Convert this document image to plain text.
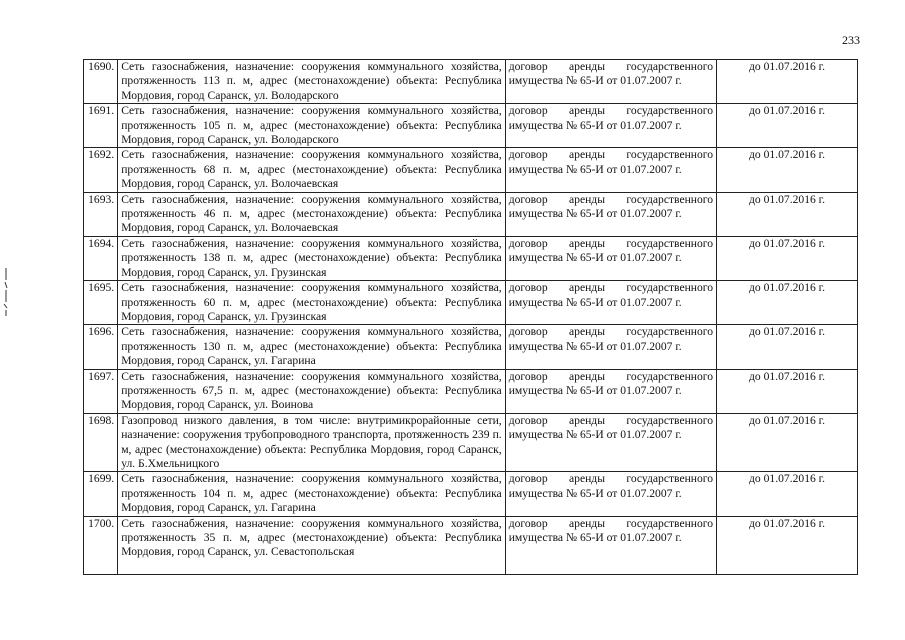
233
1690.	Сеть газоснабжения, назначение: сооружения коммунального хозяйства, протяженность 113 п. м, адрес (местонахождение) объекта: Республика Мордовия, город Саранск, ул. Володарского	договор аренды государственного имущества № 65-И от 01.07.2007 г.	до 01.07.2016 г.
1691.	Сеть газоснабжения, назначение: сооружения коммунального хозяйства, протяженность 105 п. м, адрес (местонахождение) объекта: Республика Мордовия, город Саранск, ул. Володарского	договор аренды государственного имущества № 65-И от 01.07.2007 г.	до 01.07.2016 г.
1692.	Сеть газоснабжения, назначение: сооружения коммунального хозяйства, протяженность 68 п. м, адрес (местонахождение) объекта: Республика Мордовия, город Саранск, ул. Волочаевская	договор аренды государственного имущества № 65-И от 01.07.2007 г.	до 01.07.2016 г.
1693.	Сеть газоснабжения, назначение: сооружения коммунального хозяйства, протяженность 46 п. м, адрес (местонахождение) объекта: Республика Мордовия, город Саранск, ул. Волочаевская	договор аренды государственного имущества № 65-И от 01.07.2007 г.	до 01.07.2016 г.
1694.	Сеть газоснабжения, назначение: сооружения коммунального хозяйства, протяженность 138 п. м, адрес (местонахождение) объекта: Республика Мордовия, город Саранск, ул. Грузинская	договор аренды государственного имущества № 65-И от 01.07.2007 г.	до 01.07.2016 г.
1695.	Сеть газоснабжения, назначение: сооружения коммунального хозяйства, протяженность 60 п. м, адрес (местонахождение) объекта: Республика Мордовия, город Саранск, ул. Грузинская	договор аренды государственного имущества № 65-И от 01.07.2007 г.	до 01.07.2016 г.
1696.	Сеть газоснабжения, назначение: сооружения коммунального хозяйства, протяженность 130 п. м, адрес (местонахождение) объекта: Республика Мордовия, город Саранск, ул. Гагарина	договор аренды государственного имущества № 65-И от 01.07.2007 г.	до 01.07.2016 г.
1697.	Сеть газоснабжения, назначение: сооружения коммунального хозяйства, протяженность 67,5 п. м, адрес (местонахождение) объекта: Республика Мордовия, город Саранск, ул. Воинова	договор аренды государственного имущества № 65-И от 01.07.2007 г.	до 01.07.2016 г.
1698.	Газопровод низкого давления, в том числе: внутримикрорайонные сети, назначение: сооружения трубопроводного транспорта, протяженность 239 п. м, адрес (местонахождение) объекта: Республика Мордовия, город Саранск, ул. Б.Хмельницкого	договор аренды государственного имущества № 65-И от 01.07.2007 г.	до 01.07.2016 г.
1699.	Сеть газоснабжения, назначение: сооружения коммунального хозяйства, протяженность 104 п. м, адрес (местонахождение) объекта: Республика Мордовия, город Саранск, ул. Гагарина	договор аренды государственного имущества № 65-И от 01.07.2007 г.	до 01.07.2016 г.
1700.	Сеть газоснабжения, назначение: сооружения коммунального хозяйства, протяженность 35 п. м, адрес (местонахождение) объекта: Республика Мордовия, город Саранск, ул. Севастопольская	договор аренды государственного имущества № 65-И от 01.07.2007 г.	до 01.07.2016 г.
